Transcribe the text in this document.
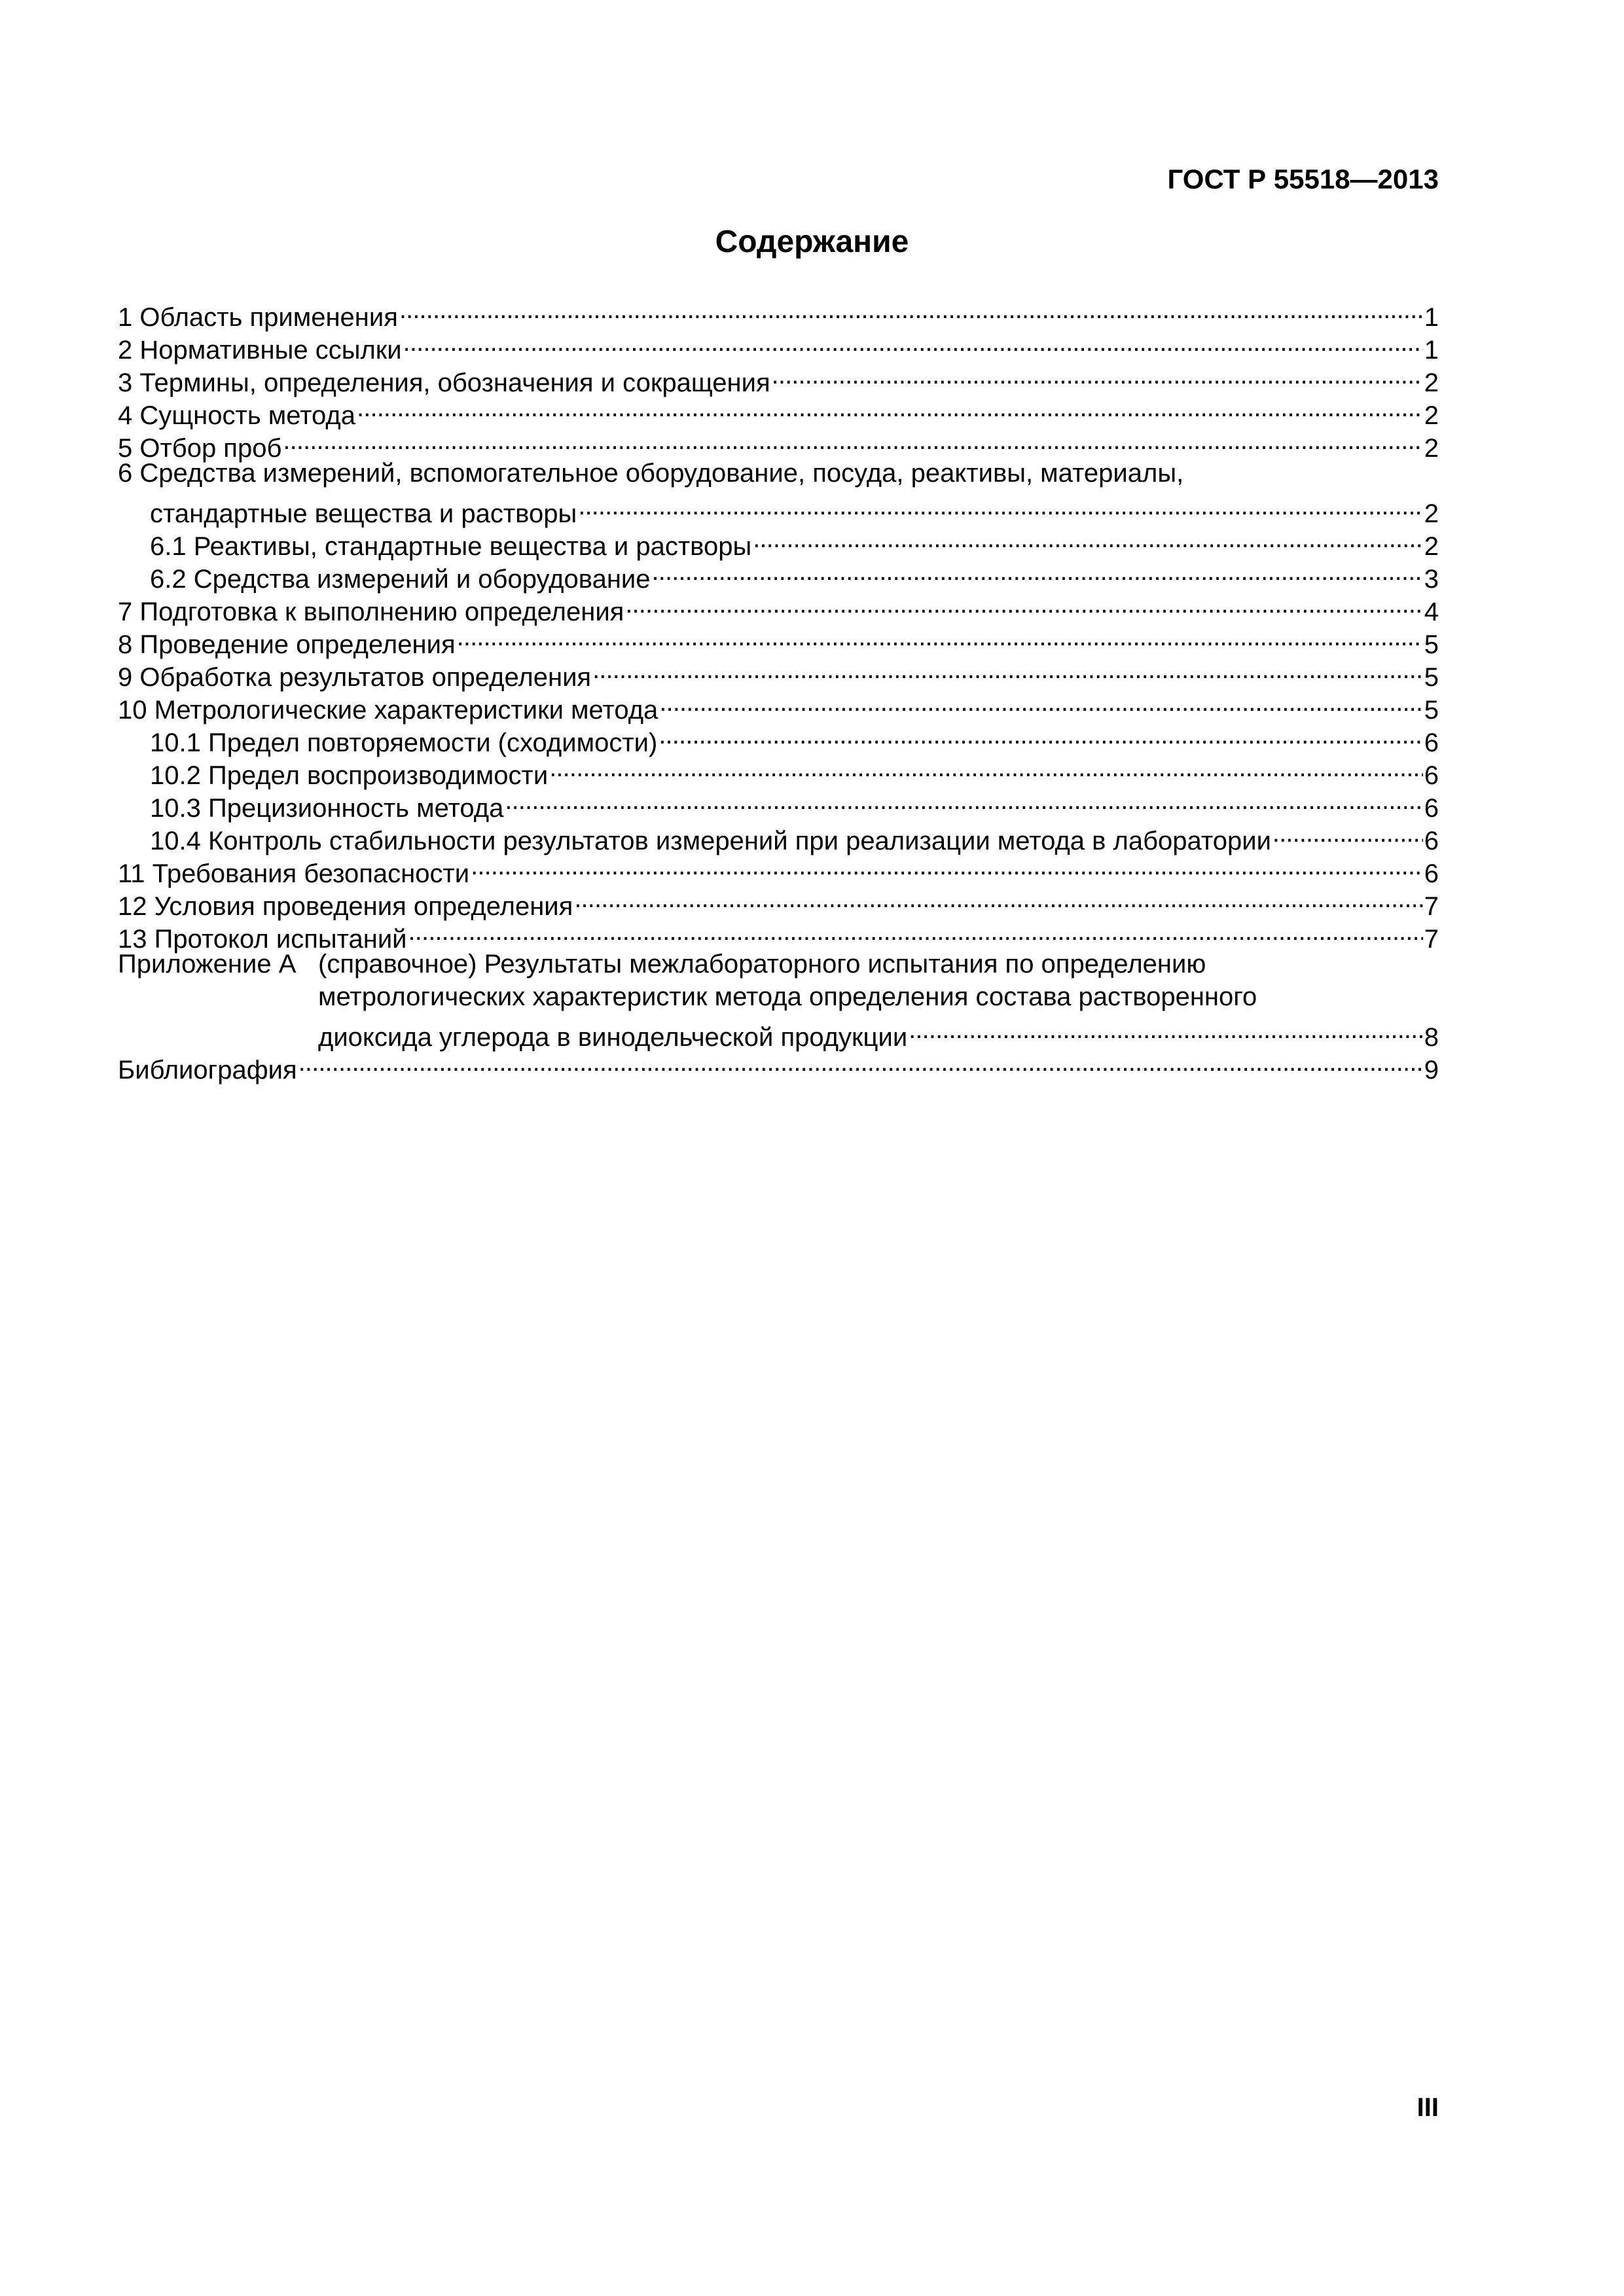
ГОСТ Р 55518—2013
Содержание
1 Область применения . . .	1
2 Нормативные ссылки . . .	1
3 Термины, определения, обозначения и сокращения . . .	2
4 Сущность метода . . .	2
5 Отбор проб . . .	2
6 Средства измерений, вспомогательное оборудование, посуда, реактивы, материалы,
стандартные вещества и растворы . . .	2
6.1 Реактивы, стандартные вещества и растворы . . .	2
6.2 Средства измерений и оборудование . . .	3
7 Подготовка к выполнению определения . . .	4
8 Проведение определения . . .	5
9 Обработка результатов определения . . .	5
10 Метрологические характеристики метода . . .	5
10.1 Предел повторяемости (сходимости) . . .	6
10.2 Предел воспроизводимости . . .	6
10.3 Прецизионность метода . . .	6
10.4 Контроль стабильности результатов измерений при реализации метода в лаборатории . . .	6
11 Требования безопасности . . .	6
12 Условия проведения определения . . .	7
13 Протокол испытаний . . .	7
Приложение А (справочное) Результаты межлабораторного испытания по определению
метрологических характеристик метода определения состава растворенного
диоксида углерода в винодельческой продукции . . .	8
Библиография . . .	9
III
